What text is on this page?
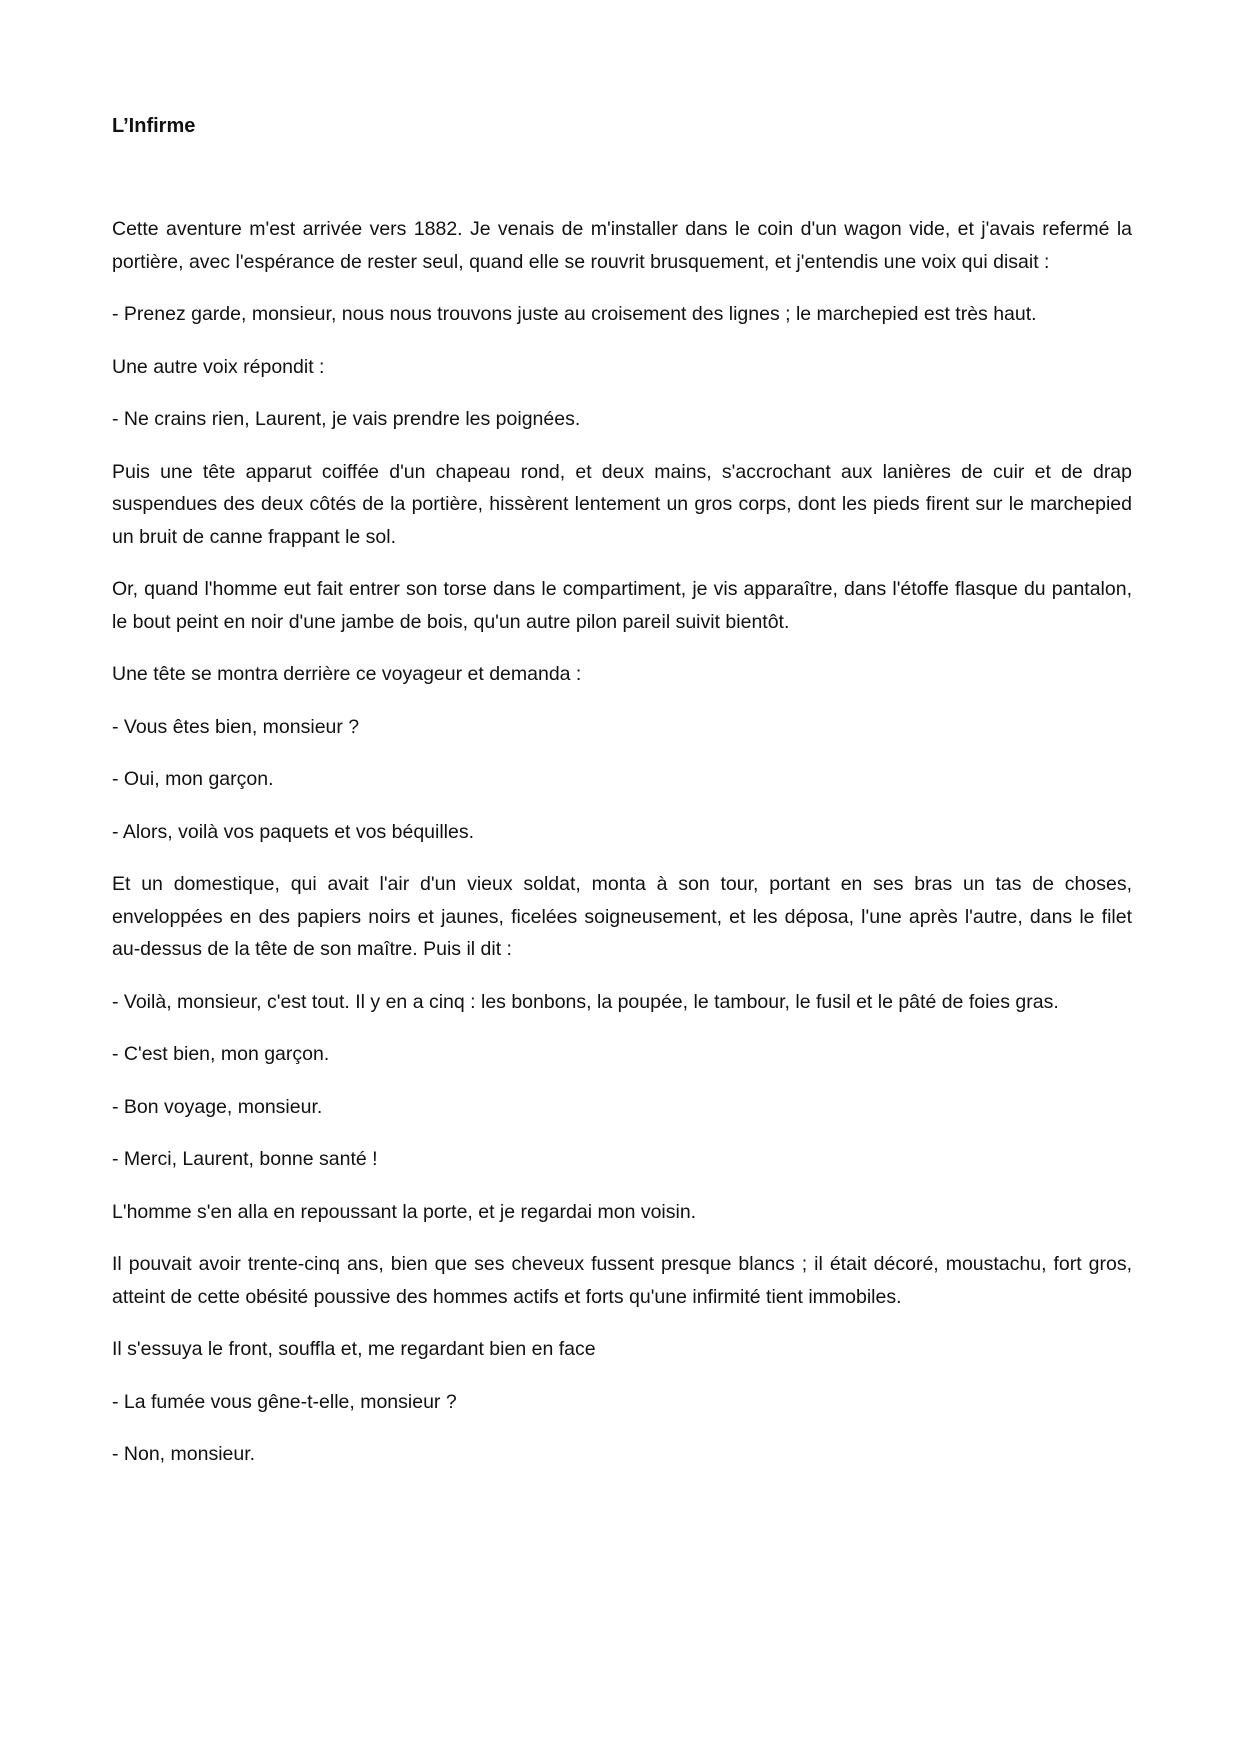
L’Infirme

Cette aventure m'est arrivée vers 1882. Je venais de m'installer dans le coin d'un wagon vide, et j'avais refermé la portière, avec l'espérance de rester seul, quand elle se rouvrit brusquement, et j'entendis une voix qui disait :

- Prenez garde, monsieur, nous nous trouvons juste au croisement des lignes ; le marchepied est très haut.

Une autre voix répondit :

- Ne crains rien, Laurent, je vais prendre les poignées.

Puis une tête apparut coiffée d'un chapeau rond, et deux mains, s'accrochant aux lanières de cuir et de drap suspendues des deux côtés de la portière, hissèrent lentement un gros corps, dont les pieds firent sur le marchepied un bruit de canne frappant le sol.

Or, quand l'homme eut fait entrer son torse dans le compartiment, je vis apparaître, dans l'étoffe flasque du pantalon, le bout peint en noir d'une jambe de bois, qu'un autre pilon pareil suivit bientôt.

Une tête se montra derrière ce voyageur et demanda :

- Vous êtes bien, monsieur ?

- Oui, mon garçon.

- Alors, voilà vos paquets et vos béquilles.

Et un domestique, qui avait l'air d'un vieux soldat, monta à son tour, portant en ses bras un tas de choses, enveloppées en des papiers noirs et jaunes, ficelées soigneusement, et les déposa, l'une après l'autre, dans le filet au-dessus de la tête de son maître. Puis il dit :

- Voilà, monsieur, c'est tout. Il y en a cinq : les bonbons, la poupée, le tambour, le fusil et le pâté de foies gras.

- C'est bien, mon garçon.

- Bon voyage, monsieur.

- Merci, Laurent, bonne santé !

L'homme s'en alla en repoussant la porte, et je regardai mon voisin.

Il pouvait avoir trente-cinq ans, bien que ses cheveux fussent presque blancs ; il était décoré, moustachu, fort gros, atteint de cette obésité poussive des hommes actifs et forts qu'une infirmité tient immobiles.

Il s'essuya le front, souffla et, me regardant bien en face

- La fumée vous gêne-t-elle, monsieur ?

- Non, monsieur.
